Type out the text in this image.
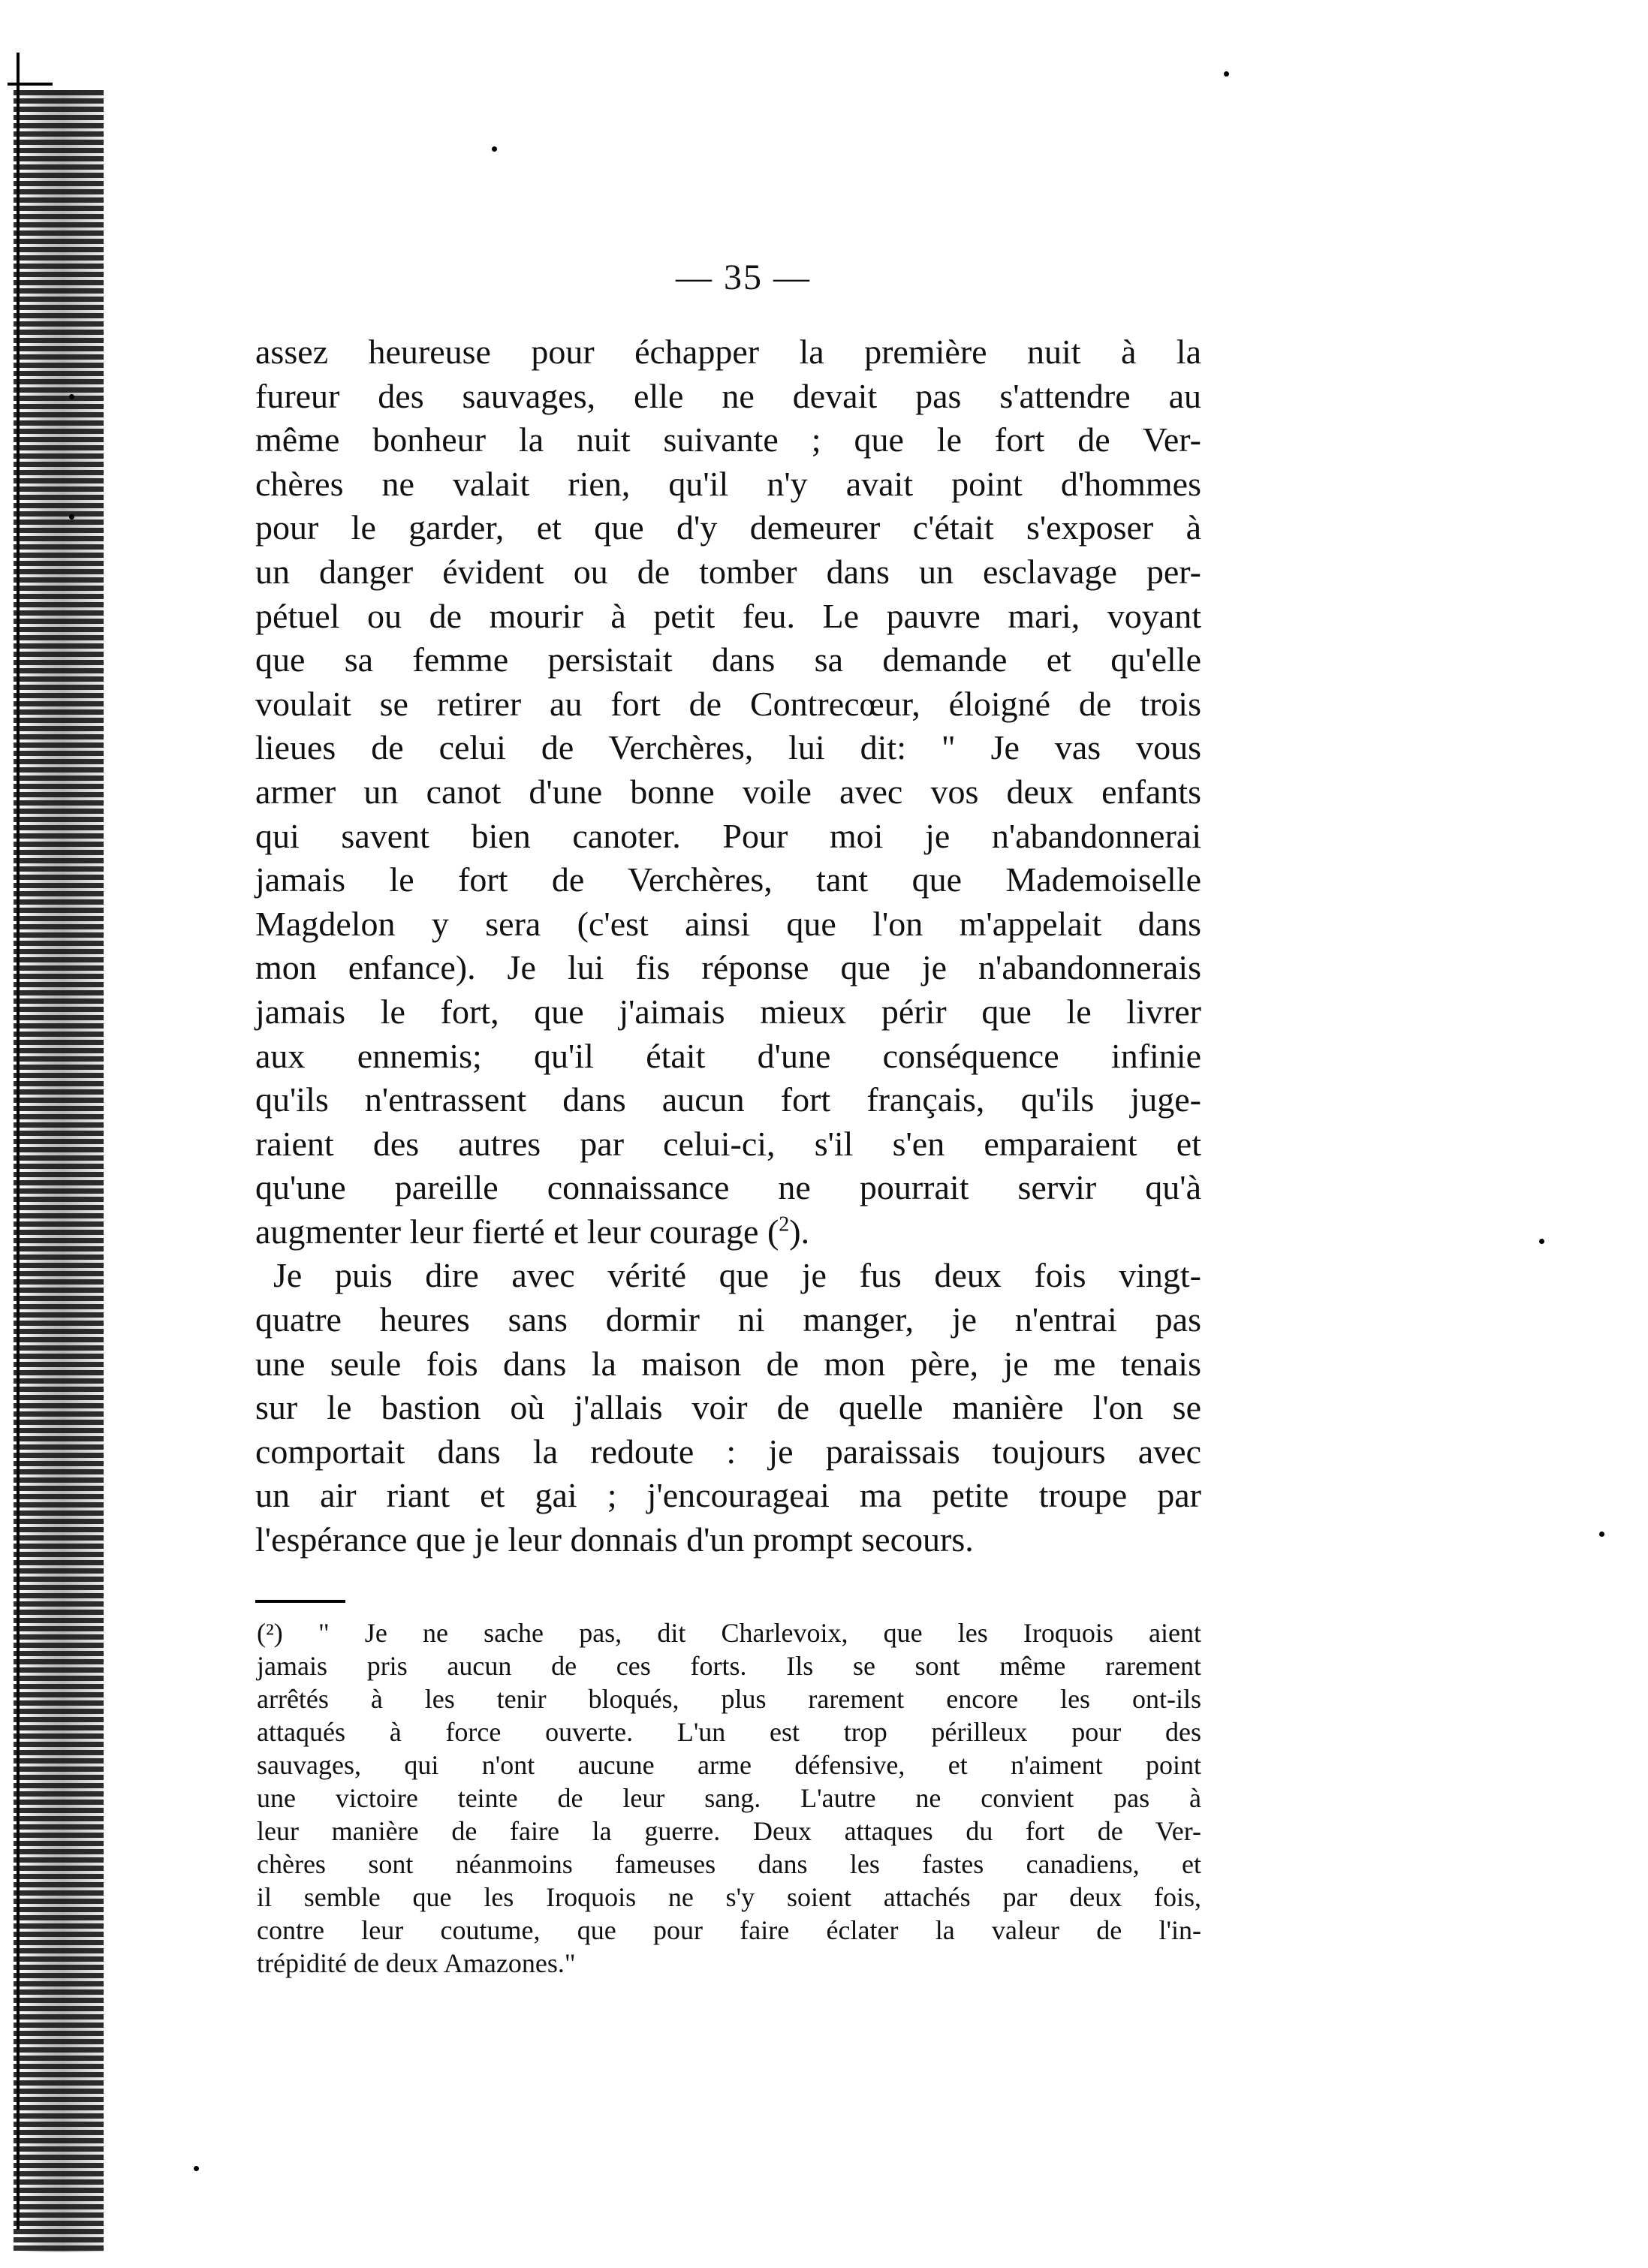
— 35 —
assez heureuse pour échapper la première nuit à la
fureur des sauvages, elle ne devait pas s'attendre au
même bonheur la nuit suivante ; que le fort de Ver-
chères ne valait rien, qu'il n'y avait point d'hommes
pour le garder, et que d'y demeurer c'était s'exposer à
un danger évident ou de tomber dans un esclavage per-
pétuel ou de mourir à petit feu. Le pauvre mari, voyant
que sa femme persistait dans sa demande et qu'elle
voulait se retirer au fort de Contrecœur, éloigné de trois
lieues de celui de Verchères, lui dit: " Je vas vous
armer un canot d'une bonne voile avec vos deux enfants
qui savent bien canoter. Pour moi je n'abandonnerai
jamais le fort de Verchères, tant que Mademoiselle
Magdelon y sera (c'est ainsi que l'on m'appelait dans
mon enfance). Je lui fis réponse que je n'abandonnerais
jamais le fort, que j'aimais mieux périr que le livrer
aux ennemis; qu'il était d'une conséquence infinie
qu'ils n'entrassent dans aucun fort français, qu'ils juge-
raient des autres par celui-ci, s'il s'en emparaient et
qu'une pareille connaissance ne pourrait servir qu'à
augmenter leur fierté et leur courage ($^2$).
Je puis dire avec vérité que je fus deux fois vingt-
quatre heures sans dormir ni manger, je n'entrai pas
une seule fois dans la maison de mon père, je me tenais
sur le bastion où j'allais voir de quelle manière l'on se
comportait dans la redoute : je paraissais toujours avec
un air riant et gai ; j'encourageai ma petite troupe par
l'espérance que je leur donnais d'un prompt secours.
(²) " Je ne sache pas, dit Charlevoix, que les Iroquois aient
jamais pris aucun de ces forts. Ils se sont même rarement
arrêtés à les tenir bloqués, plus rarement encore les ont-ils
attaqués à force ouverte. L'un est trop périlleux pour des
sauvages, qui n'ont aucune arme défensive, et n'aiment point
une victoire teinte de leur sang. L'autre ne convient pas à
leur manière de faire la guerre. Deux attaques du fort de Ver-
chères sont néanmoins fameuses dans les fastes canadiens, et
il semble que les Iroquois ne s'y soient attachés par deux fois,
contre leur coutume, que pour faire éclater la valeur de l'in-
trépidité de deux Amazones."
